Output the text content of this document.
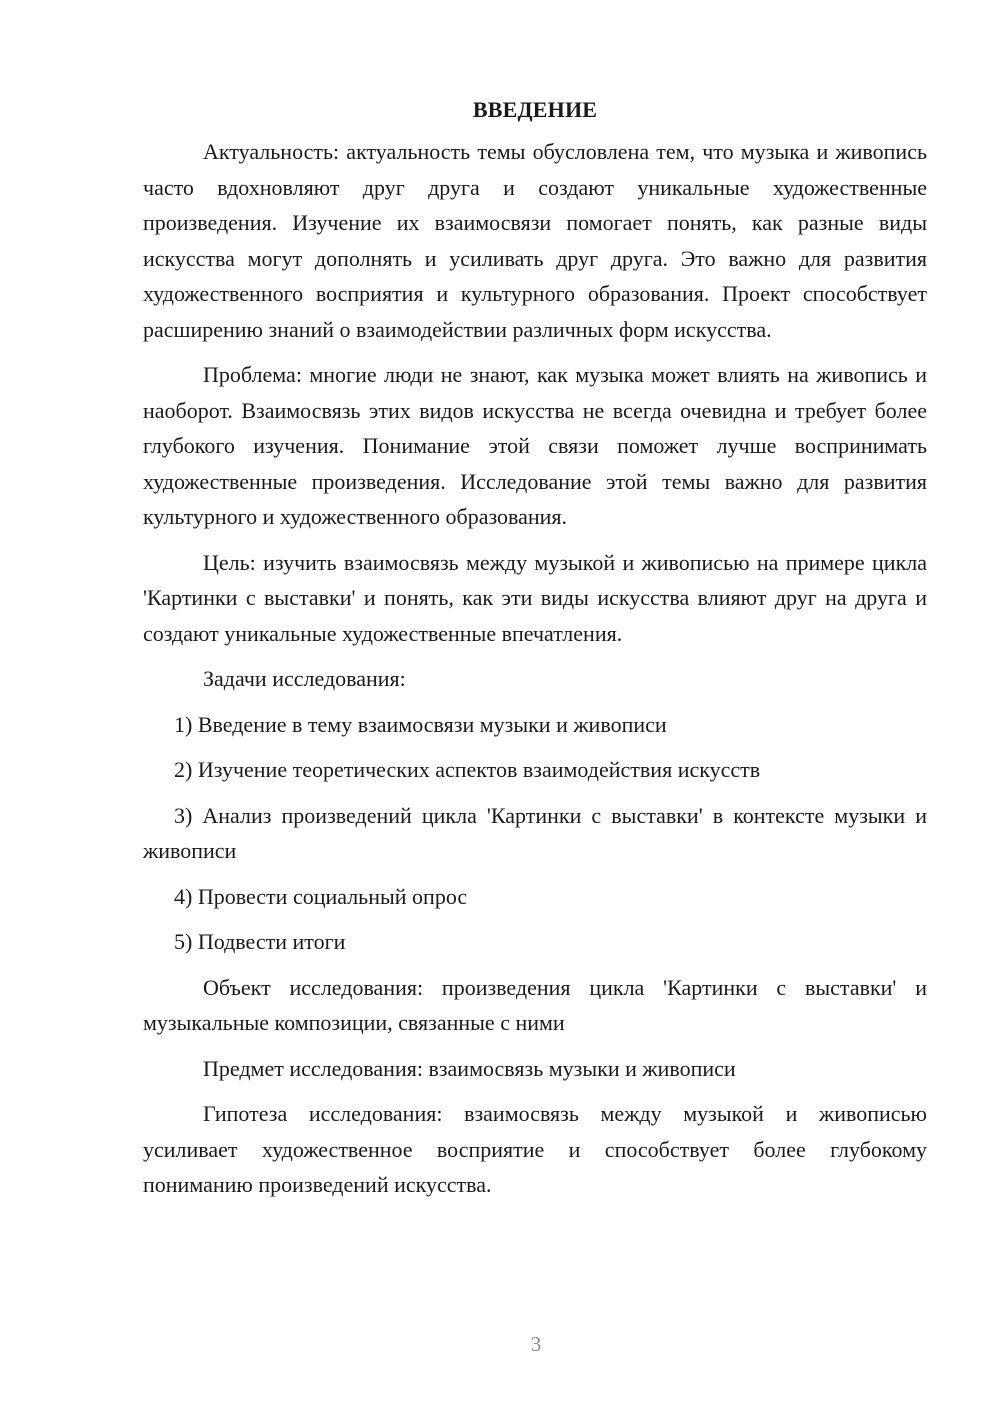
ВВЕДЕНИЕ

Актуальность: актуальность темы обусловлена тем, что музыка и живопись часто вдохновляют друг друга и создают уникальные художественные произведения. Изучение их взаимосвязи помогает понять, как разные виды искусства могут дополнять и усиливать друг друга. Это важно для развития художественного восприятия и культурного образования. Проект способствует расширению знаний о взаимодействии различных форм искусства.

Проблема: многие люди не знают, как музыка может влиять на живопись и наоборот. Взаимосвязь этих видов искусства не всегда очевидна и требует более глубокого изучения. Понимание этой связи поможет лучше воспринимать художественные произведения. Исследование этой темы важно для развития культурного и художественного образования.

Цель: изучить взаимосвязь между музыкой и живописью на примере цикла 'Картинки с выставки' и понять, как эти виды искусства влияют друг на друга и создают уникальные художественные впечатления.

Задачи исследования:

1) Введение в тему взаимосвязи музыки и живописи

2) Изучение теоретических аспектов взаимодействия искусств

3) Анализ произведений цикла 'Картинки с выставки' в контексте музыки и живописи

4) Провести социальный опрос

5) Подвести итоги

Объект исследования: произведения цикла 'Картинки с выставки' и музыкальные композиции, связанные с ними

Предмет исследования: взаимосвязь музыки и живописи

Гипотеза исследования: взаимосвязь между музыкой и живописью усиливает художественное восприятие и способствует более глубокому пониманию произведений искусства.

3
